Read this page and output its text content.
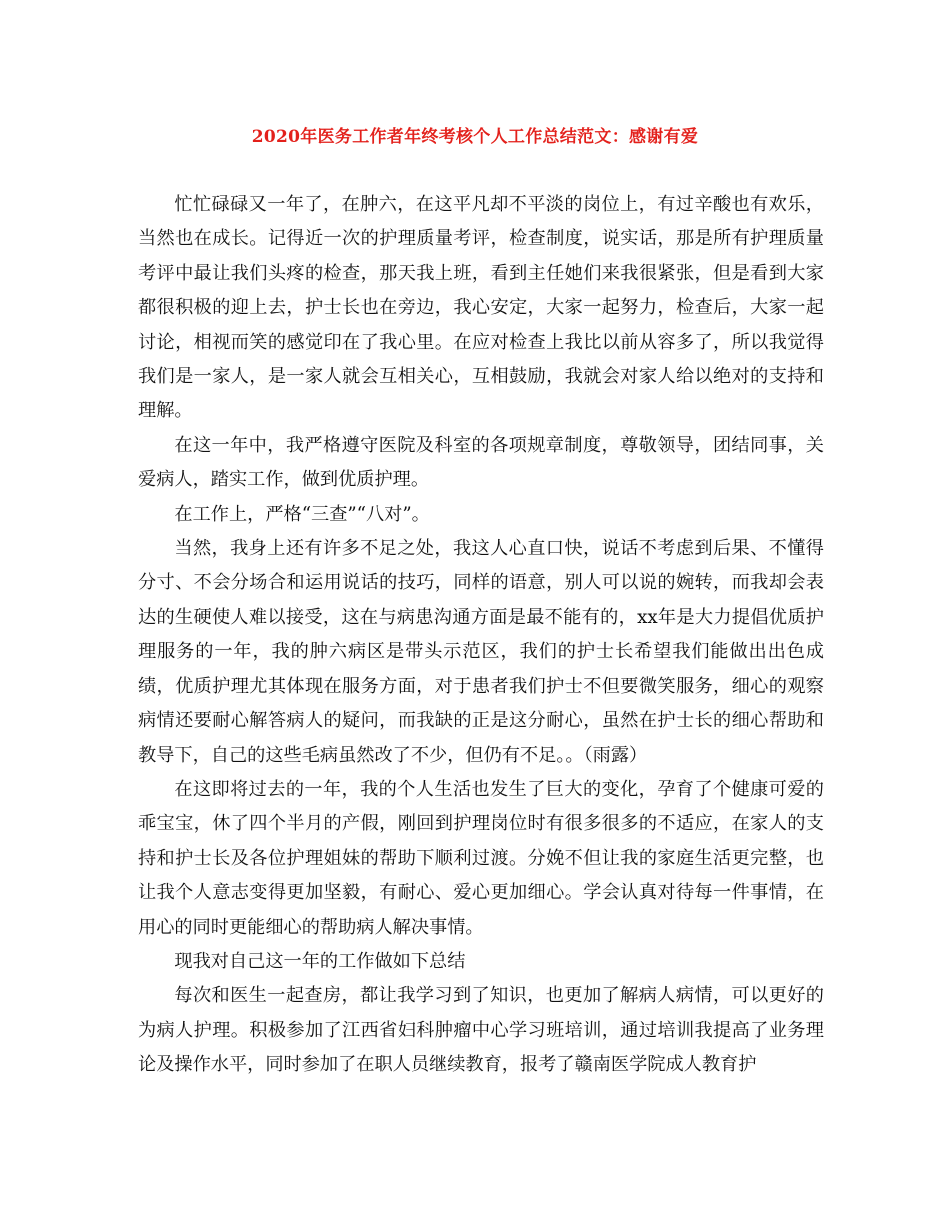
2020年医务工作者年终考核个人工作总结范文：感谢有爱

忙忙碌碌又一年了，在肿六，在这平凡却不平淡的岗位上，有过辛酸也有欢乐，当然也在成长。记得近一次的护理质量考评，检查制度，说实话，那是所有护理质量考评中最让我们头疼的检查，那天我上班，看到主任她们来我很紧张，但是看到大家都很积极的迎上去，护士长也在旁边，我心安定，大家一起努力，检查后，大家一起讨论，相视而笑的感觉印在了我心里。在应对检查上我比以前从容多了，所以我觉得我们是一家人，是一家人就会互相关心，互相鼓励，我就会对家人给以绝对的支持和理解。

在这一年中，我严格遵守医院及科室的各项规章制度，尊敬领导，团结同事，关爱病人，踏实工作，做到优质护理。

在工作上，严格“三查”“八对”。

当然，我身上还有许多不足之处，我这人心直口快，说话不考虑到后果、不懂得分寸、不会分场合和运用说话的技巧，同样的语意，别人可以说的婉转，而我却会表达的生硬使人难以接受，这在与病患沟通方面是最不能有的，xx年是大力提倡优质护理服务的一年，我的肿六病区是带头示范区，我们的护士长希望我们能做出出色成绩，优质护理尤其体现在服务方面，对于患者我们护士不但要微笑服务，细心的观察病情还要耐心解答病人的疑问，而我缺的正是这分耐心，虽然在护士长的细心帮助和教导下，自己的这些毛病虽然改了不少，但仍有不足。。（雨露）

在这即将过去的一年，我的个人生活也发生了巨大的变化，孕育了个健康可爱的乖宝宝，休了四个半月的产假，刚回到护理岗位时有很多很多的不适应，在家人的支持和护士长及各位护理姐妹的帮助下顺利过渡。分娩不但让我的家庭生活更完整，也让我个人意志变得更加坚毅，有耐心、爱心更加细心。学会认真对待每一件事情，在用心的同时更能细心的帮助病人解决事情。

现我对自己这一年的工作做如下总结

每次和医生一起查房，都让我学习到了知识，也更加了解病人病情，可以更好的为病人护理。积极参加了江西省妇科肿瘤中心学习班培训，通过培训我提高了业务理论及操作水平，同时参加了在职人员继续教育，报考了赣南医学院成人教育护
